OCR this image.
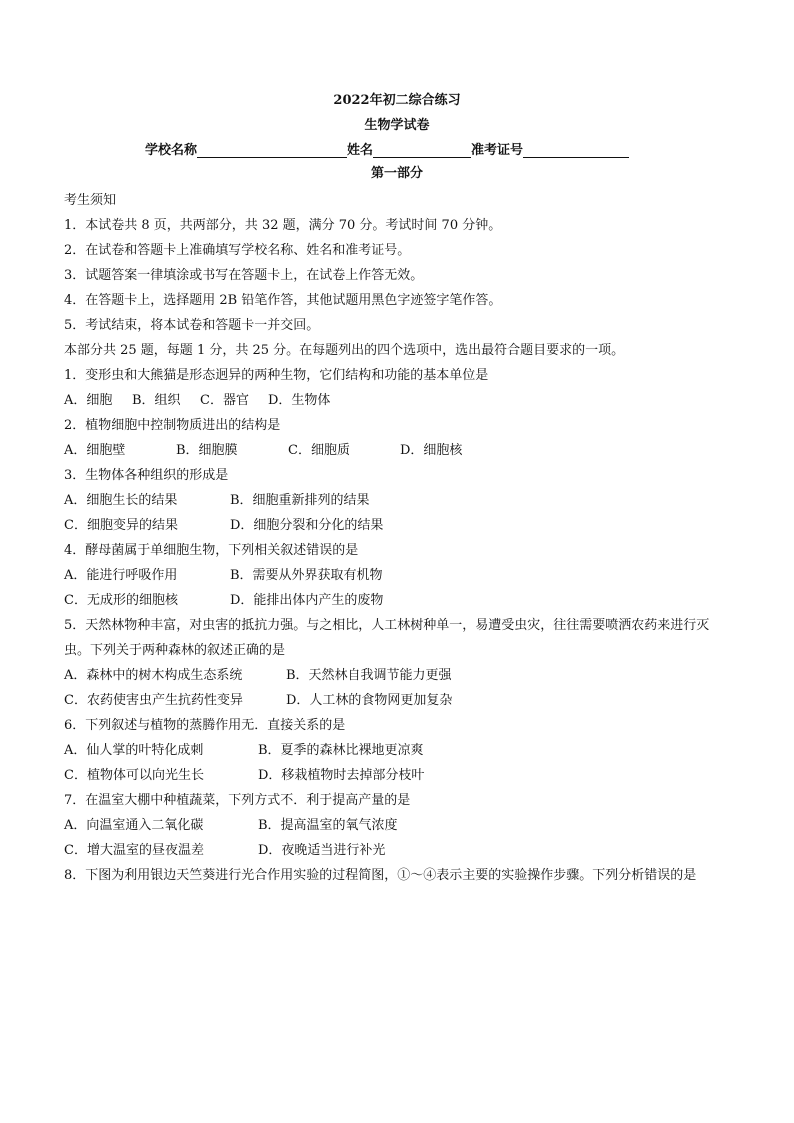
2022年初二综合练习
生物学试卷
学校名称	姓名	准考证号
第一部分
考生须知
1．本试卷共 8 页，共两部分，共 32 题，满分 70 分。考试时间 70 分钟。
2．在试卷和答题卡上准确填写学校名称、姓名和准考证号。
3．试题答案一律填涂或书写在答题卡上，在试卷上作答无效。
4．在答题卡上，选择题用 2B 铅笔作答，其他试题用黑色字迹签字笔作答。
5．考试结束，将本试卷和答题卡一并交回。
本部分共 25 题，每题 1 分，共 25 分。在每题列出的四个选项中，选出最符合题目要求的一项。
1．变形虫和大熊猫是形态迥异的两种生物，它们结构和功能的基本单位是
A．细胞	B．组织	C．器官	D．生物体
2．植物细胞中控制物质进出的结构是
A．细胞壁	B．细胞膜	C．细胞质	D．细胞核
3．生物体各种组织的形成是
A．细胞生长的结果	B．细胞重新排列的结果
C．细胞变异的结果	D．细胞分裂和分化的结果
4．酵母菌属于单细胞生物，下列相关叙述错误的是
A．能进行呼吸作用	B．需要从外界获取有机物
C．无成形的细胞核	D．能排出体内产生的废物
5．天然林物种丰富，对虫害的抵抗力强。与之相比，人工林树种单一，易遭受虫灾，往往需要喷洒农药来进行灭虫。下列关于两种森林的叙述正确的是
A．森林中的树木构成生态系统	B．天然林自我调节能力更强
C．农药使害虫产生抗药性变异	D．人工林的食物网更加复杂
6．下列叙述与植物的蒸腾作用无．直接关系的是
A．仙人掌的叶特化成刺	B．夏季的森林比裸地更凉爽
C．植物体可以向光生长	D．移栽植物时去掉部分枝叶
7．在温室大棚中种植蔬菜，下列方式不．利于提高产量的是
A．向温室通入二氧化碳	B．提高温室的氧气浓度
C．增大温室的昼夜温差	D．夜晚适当进行补光
8．下图为利用银边天竺葵进行光合作用实验的过程简图，①～④表示主要的实验操作步骤。下列分析错误的是
